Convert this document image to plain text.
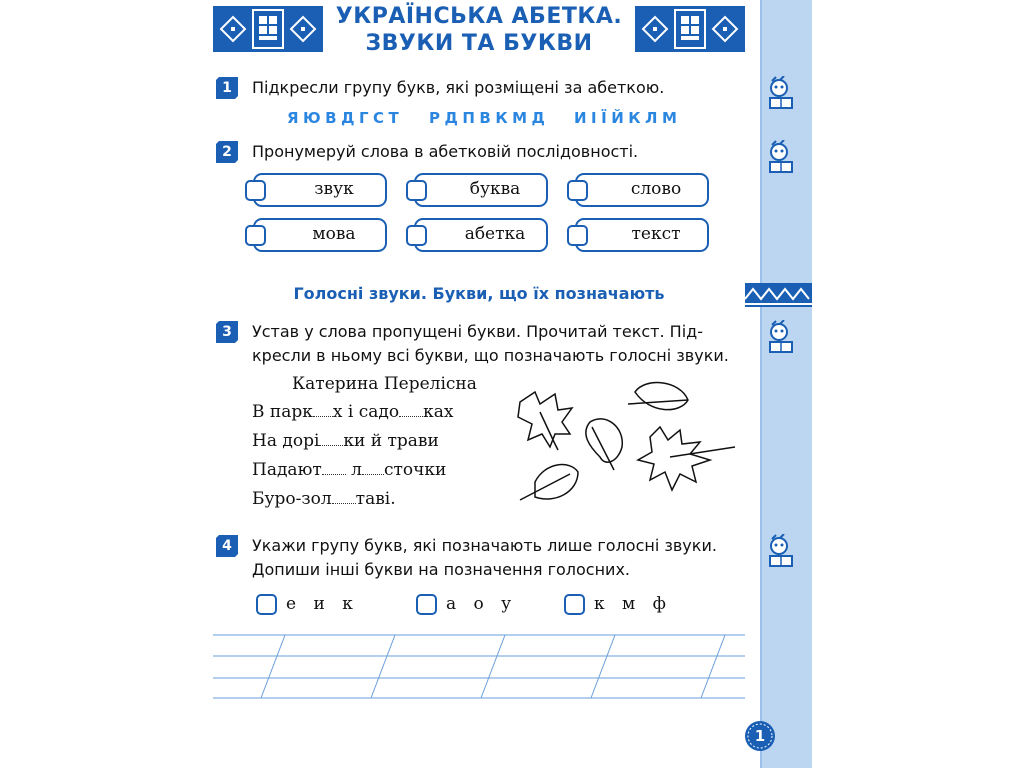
УКРАЇНСЬКА АБЕТКА.
ЗВУКИ ТА БУКВИ
1	Підкресли групу букв, які розміщені за абеткою.
ЯЮВДГСТ РДПВКМД ИІЇЙКЛМ
2	Пронумеруй слова в абетковій послідовності.
звук	буква	слово
мова	абетка	текст
Голосні звуки. Букви, що їх позначають
3	Устав у слова пропущені букви. Прочитай текст. Під-
кресли в ньому всі букви, що позначають голосні звуки.
Катерина Перелісна
В парк х і садо ках
На дорі ки й трави
Падают л сточки
Буро-зол таві.
4	Укажи групу букв, які позначають лише голосні звуки.
Допиши інші букви на позначення голосних.
е и к	а о у	к м ф
1
